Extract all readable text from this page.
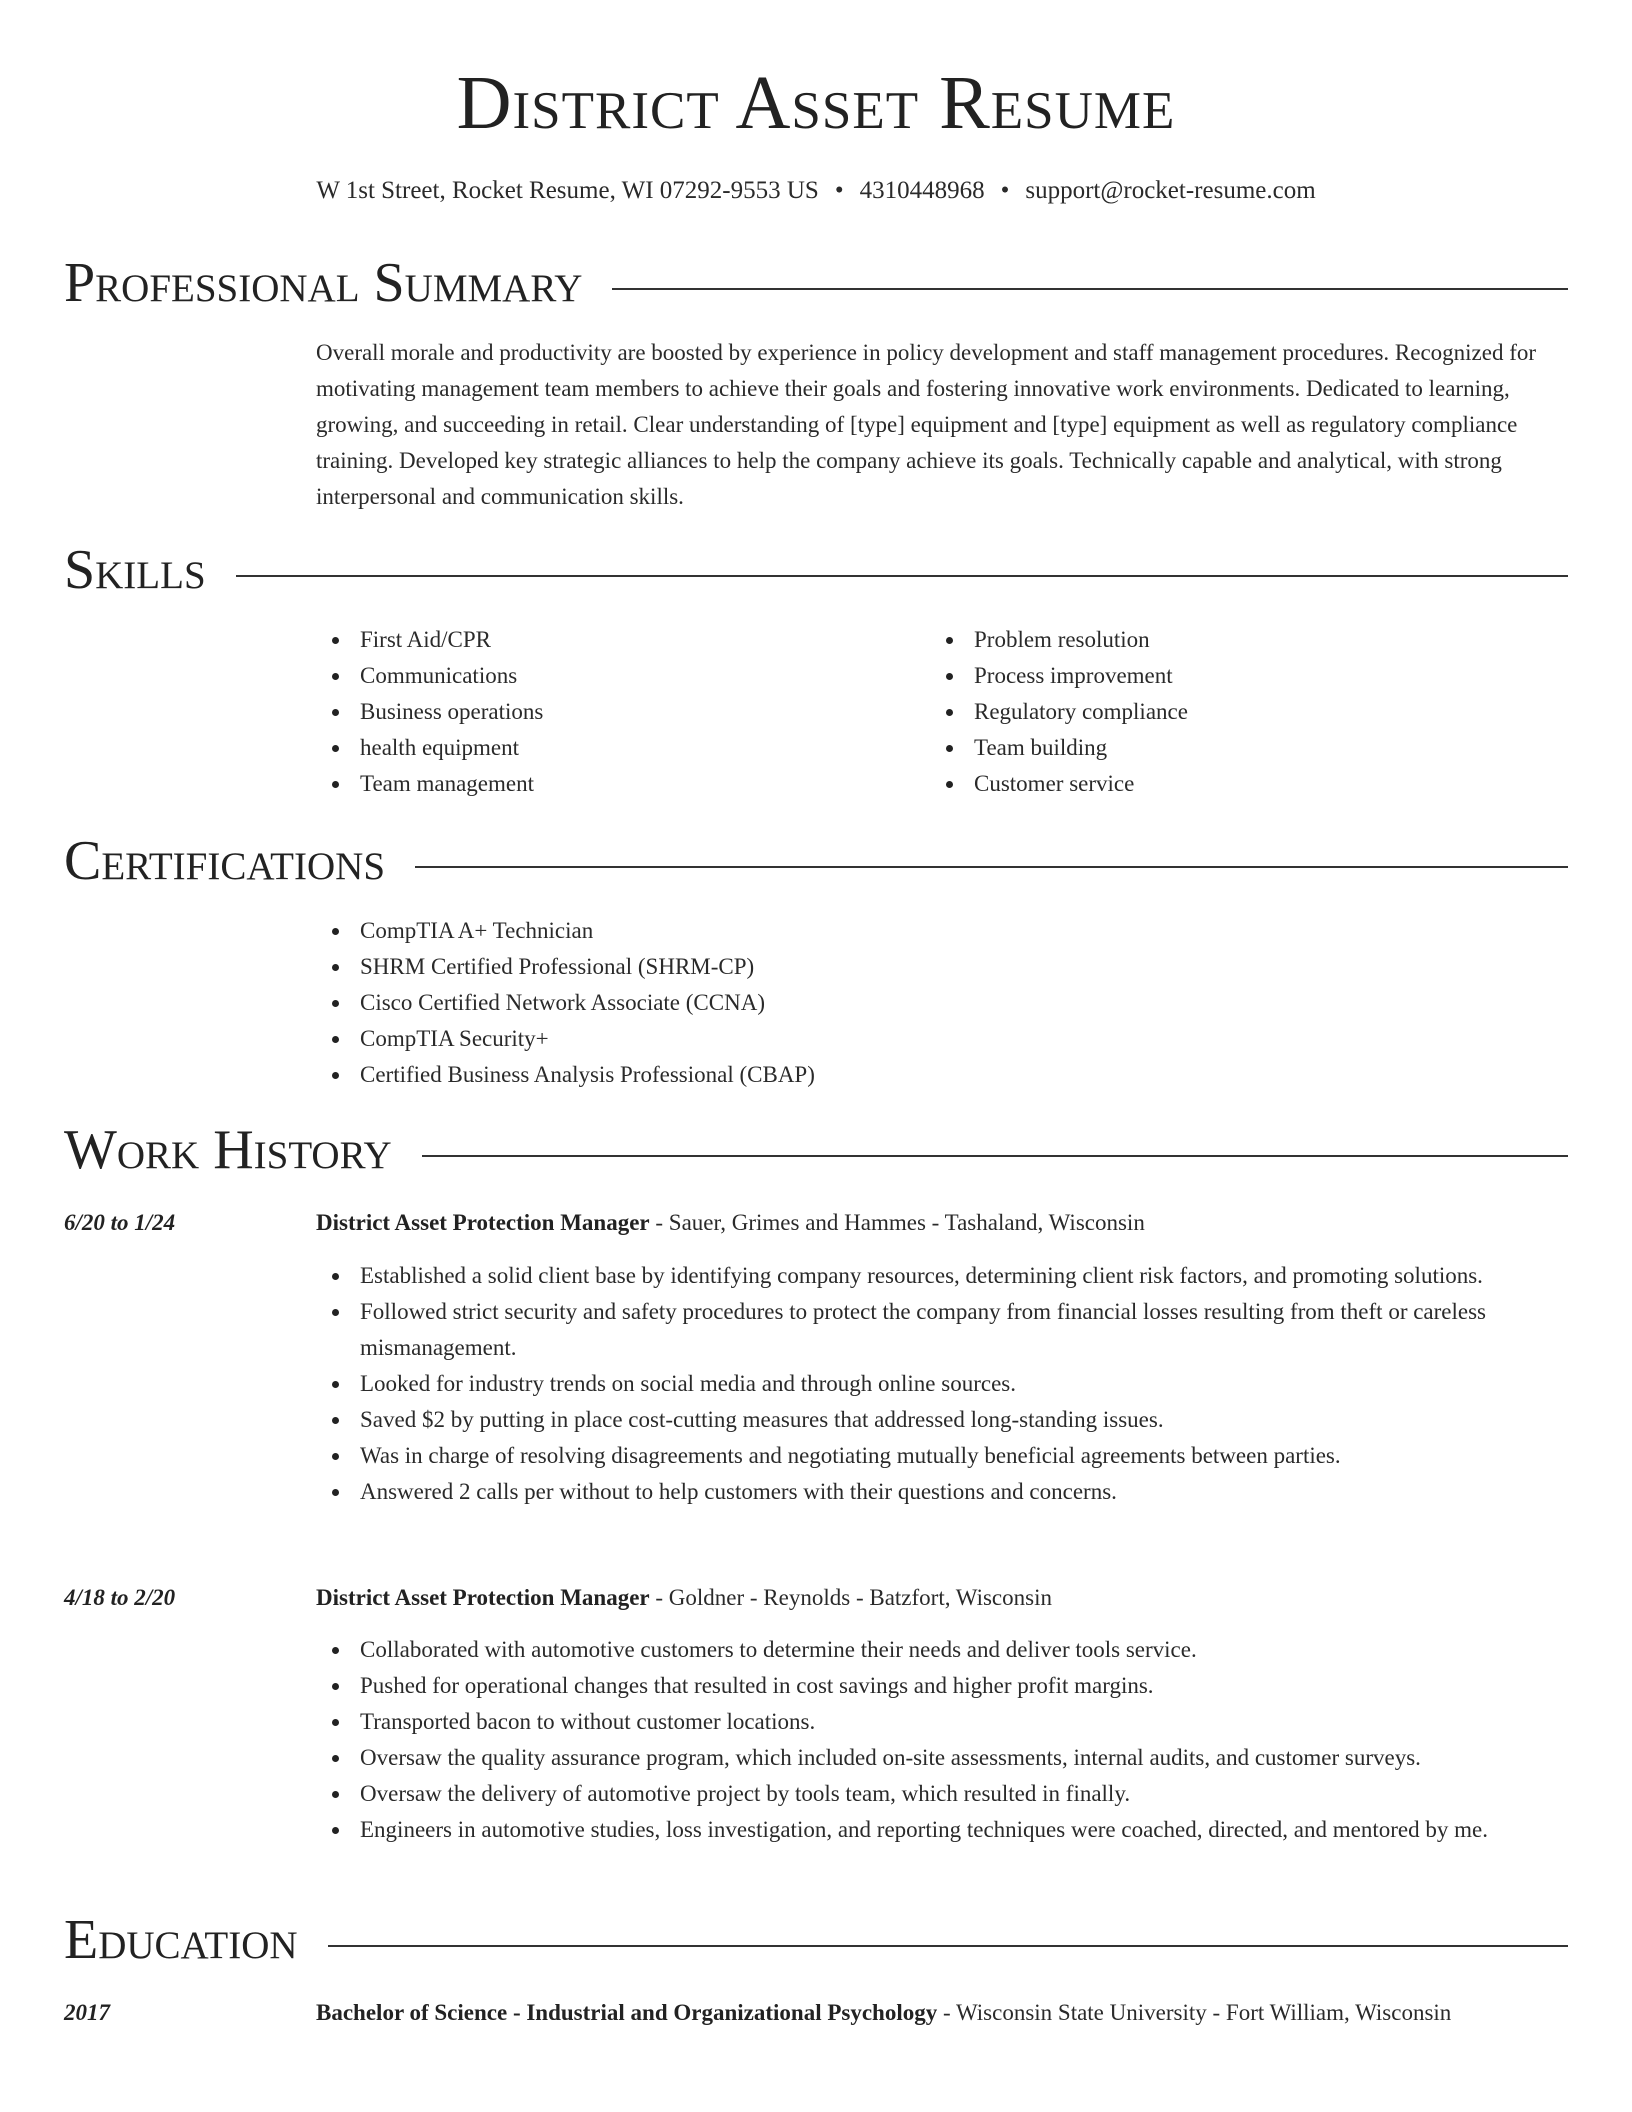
District Asset Resume
W 1st Street, Rocket Resume, WI 07292-9553 US • 4310448968 • support@rocket-resume.com
Professional Summary
Overall morale and productivity are boosted by experience in policy development and staff management procedures. Recognized for motivating management team members to achieve their goals and fostering innovative work environments. Dedicated to learning, growing, and succeeding in retail. Clear understanding of [type] equipment and [type] equipment as well as regulatory compliance training. Developed key strategic alliances to help the company achieve its goals. Technically capable and analytical, with strong interpersonal and communication skills.
Skills
First Aid/CPR
Communications
Business operations
health equipment
Team management
Problem resolution
Process improvement
Regulatory compliance
Team building
Customer service
Certifications
CompTIA A+ Technician
SHRM Certified Professional (SHRM-CP)
Cisco Certified Network Associate (CCNA)
CompTIA Security+
Certified Business Analysis Professional (CBAP)
Work History
6/20 to 1/24	District Asset Protection Manager - Sauer, Grimes and Hammes - Tashaland, Wisconsin
Established a solid client base by identifying company resources, determining client risk factors, and promoting solutions.
Followed strict security and safety procedures to protect the company from financial losses resulting from theft or careless mismanagement.
Looked for industry trends on social media and through online sources.
Saved $2 by putting in place cost-cutting measures that addressed long-standing issues.
Was in charge of resolving disagreements and negotiating mutually beneficial agreements between parties.
Answered 2 calls per without to help customers with their questions and concerns.
4/18 to 2/20	District Asset Protection Manager - Goldner - Reynolds - Batzfort, Wisconsin
Collaborated with automotive customers to determine their needs and deliver tools service.
Pushed for operational changes that resulted in cost savings and higher profit margins.
Transported bacon to without customer locations.
Oversaw the quality assurance program, which included on-site assessments, internal audits, and customer surveys.
Oversaw the delivery of automotive project by tools team, which resulted in finally.
Engineers in automotive studies, loss investigation, and reporting techniques were coached, directed, and mentored by me.
Education
2017	Bachelor of Science - Industrial and Organizational Psychology - Wisconsin State University - Fort William, Wisconsin
